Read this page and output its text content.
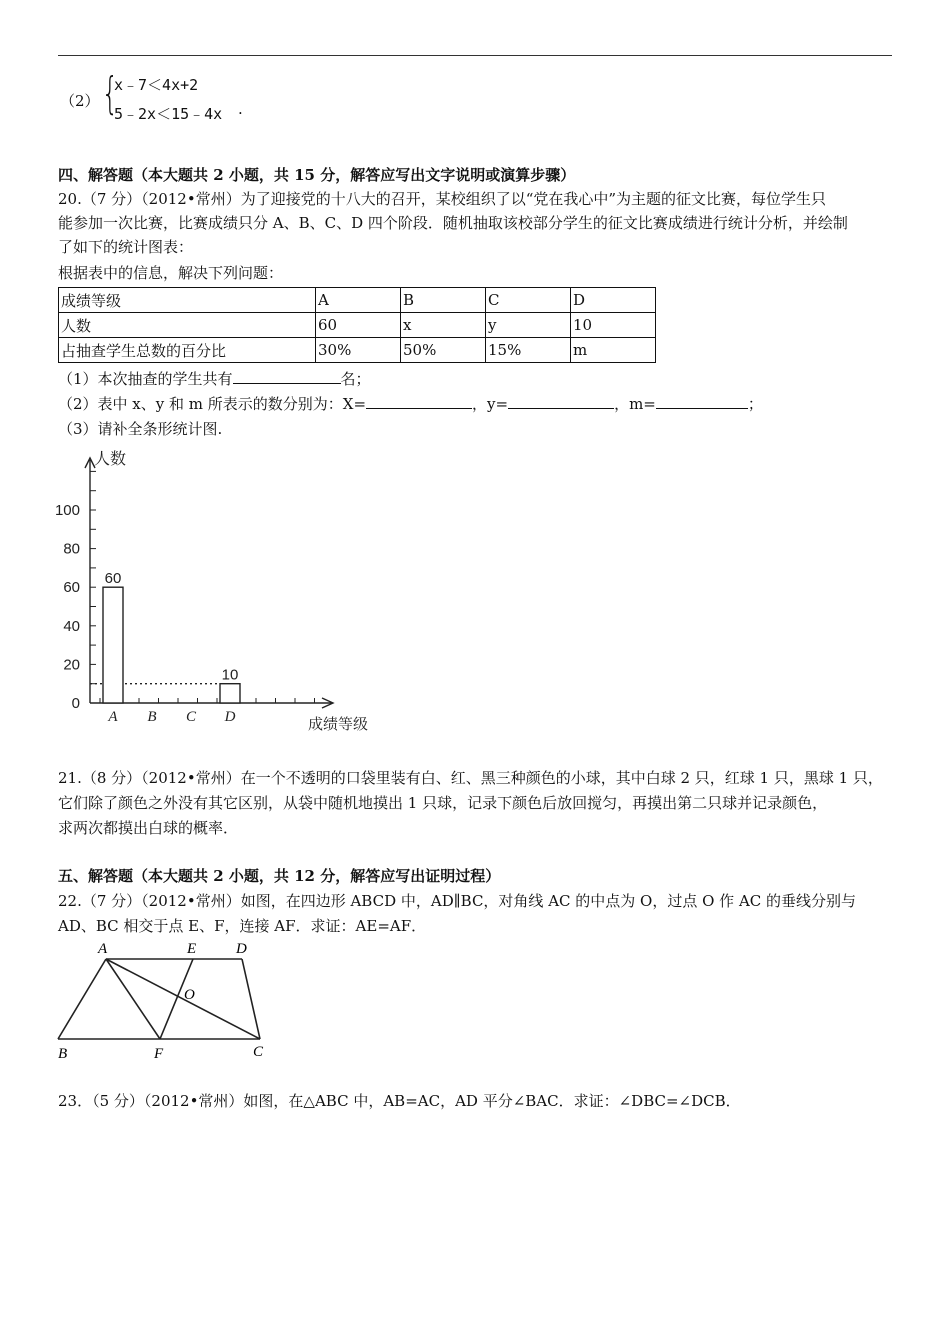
（2） {
x﹣7＜4x+2
5﹣2x＜15﹣4x .
四、解答题（本大题共 2 小题，共 15 分，解答应写出文字说明或演算步骤）
20.（7 分）（2012•常州）为了迎接党的十八大的召开，某校组织了以“党在我心中”为主题的征文比赛，每位学生只
能参加一次比赛，比赛成绩只分 A、B、C、D 四个阶段．随机抽取该校部分学生的征文比赛成绩进行统计分析，并绘制
了如下的统计图表：
根据表中的信息，解决下列问题：
成绩等级	A	B	C	D
人数	60	x	y	10
占抽查学生总数的百分比	30%	50%	15%	m
（1）本次抽查的学生共有	名；
（2）表中 x、y 和 m 所表示的数分别为：X=	，y=	，m=	；
（3）请补全条形统计图.
0
20
40
60
80
100
人数
成绩等级
60
A B C
10
D
21.（8 分）（2012•常州）在一个不透明的口袋里装有白、红、黑三种颜色的小球，其中白球 2 只，红球 1 只，黑球 1 只，
它们除了颜色之外没有其它区别，从袋中随机地摸出 1 只球，记录下颜色后放回搅匀，再摸出第二只球并记录颜色，
求两次都摸出白球的概率．
五、解答题（本大题共 2 小题，共 12 分，解答应写出证明过程）
22.（7 分）（2012•常州）如图，在四边形 ABCD 中，AD∥BC，对角线 AC 的中点为 O，过点 O 作 AC 的垂线分别与
AD、BC 相交于点 E、F，连接 AF．求证：AE=AF．
A	E	D
O
B	F	C
23．（5 分）（2012•常州）如图，在△ABC 中，AB=AC，AD 平分∠BAC．求证：∠DBC=∠DCB．
